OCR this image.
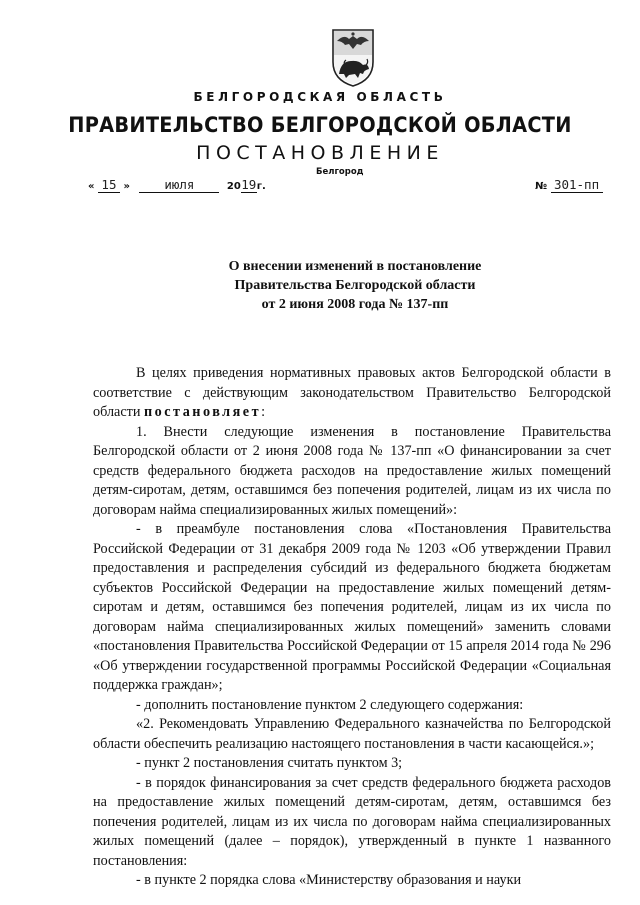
БЕЛГОРОДСКАЯ ОБЛАСТЬ
ПРАВИТЕЛЬСТВО БЕЛГОРОДСКОЙ ОБЛАСТИ
ПОСТАНОВЛЕНИЕ
Белгород
« 15 »	июля	2019г.	№ 301-пп
О внесении изменений в постановление
Правительства Белгородской области
от 2 июня 2008 года № 137-пп

В целях приведения нормативных правовых актов Белгородской области в соответствие с действующим законодательством Правительство Белгородской области постановляет:

1. Внести следующие изменения в постановление Правительства Белгородской области от 2 июня 2008 года № 137-пп «О финансировании за счет средств федерального бюджета расходов на предоставление жилых помещений детям-сиротам, детям, оставшимся без попечения родителей, лицам из их числа по договорам найма специализированных жилых помещений»:

- в преамбуле постановления слова «Постановления Правительства Российской Федерации от 31 декабря 2009 года № 1203 «Об утверждении Правил предоставления и распределения субсидий из федерального бюджета бюджетам субъектов Российской Федерации на предоставление жилых помещений детям-сиротам и детям, оставшимся без попечения родителей, лицам из их числа по договорам найма специализированных жилых помещений» заменить словами «постановления Правительства Российской Федерации от 15 апреля 2014 года № 296 «Об утверждении государственной программы Российской Федерации «Социальная поддержка граждан»;

- дополнить постановление пунктом 2 следующего содержания:

«2. Рекомендовать Управлению Федерального казначейства по Белгородской области обеспечить реализацию настоящего постановления в части касающейся.»;

- пункт 2 постановления считать пунктом 3;

- в порядок финансирования за счет средств федерального бюджета расходов на предоставление жилых помещений детям-сиротам, детям, оставшимся без попечения родителей, лицам из их числа по договорам найма специализированных жилых помещений (далее – порядок), утвержденный в пункте 1 названного постановления:

- в пункте 2 порядка слова «Министерству образования и науки
